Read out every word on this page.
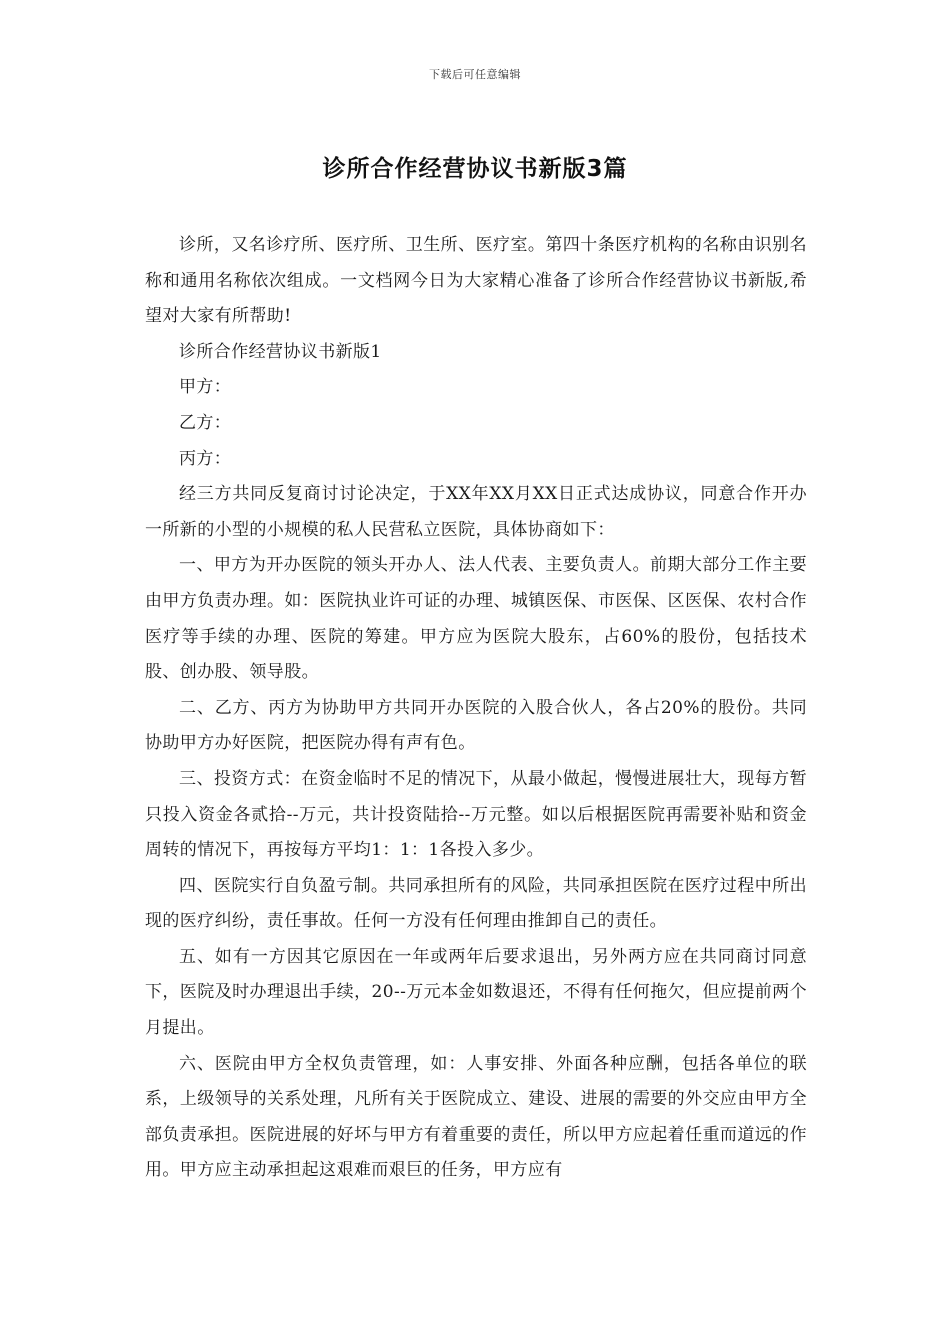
下载后可任意编辑
诊所合作经营协议书新版3篇

诊所，又名诊疗所、医疗所、卫生所、医疗室。第四十条医疗机构的名称由识别名称和通用名称依次组成。一文档网今日为大家精心准备了诊所合作经营协议书新版,希望对大家有所帮助!

诊所合作经营协议书新版1

甲方：

乙方：

丙方：

经三方共同反复商讨讨论决定，于XX年XX月XX日正式达成协议，同意合作开办一所新的小型的小规模的私人民营私立医院，具体协商如下：

一、甲方为开办医院的领头开办人、法人代表、主要负责人。前期大部分工作主要由甲方负责办理。如：医院执业许可证的办理、城镇医保、市医保、区医保、农村合作医疗等手续的办理、医院的筹建。甲方应为医院大股东，占60%的股份，包括技术股、创办股、领导股。

二、乙方、丙方为协助甲方共同开办医院的入股合伙人，各占20%的股份。共同协助甲方办好医院，把医院办得有声有色。

三、投资方式：在资金临时不足的情况下，从最小做起，慢慢进展壮大，现每方暂只投入资金各贰拾--万元，共计投资陆拾--万元整。如以后根据医院再需要补贴和资金周转的情况下，再按每方平均1：1：1各投入多少。

四、医院实行自负盈亏制。共同承担所有的风险，共同承担医院在医疗过程中所出现的医疗纠纷，责任事故。任何一方没有任何理由推卸自己的责任。

五、如有一方因其它原因在一年或两年后要求退出，另外两方应在共同商讨同意下，医院及时办理退出手续，20--万元本金如数退还，不得有任何拖欠，但应提前两个月提出。

六、医院由甲方全权负责管理，如：人事安排、外面各种应酬，包括各单位的联系，上级领导的关系处理，凡所有关于医院成立、建设、进展的需要的外交应由甲方全部负责承担。医院进展的好坏与甲方有着重要的责任，所以甲方应起着任重而道远的作用。甲方应主动承担起这艰难而艰巨的任务，甲方应有
